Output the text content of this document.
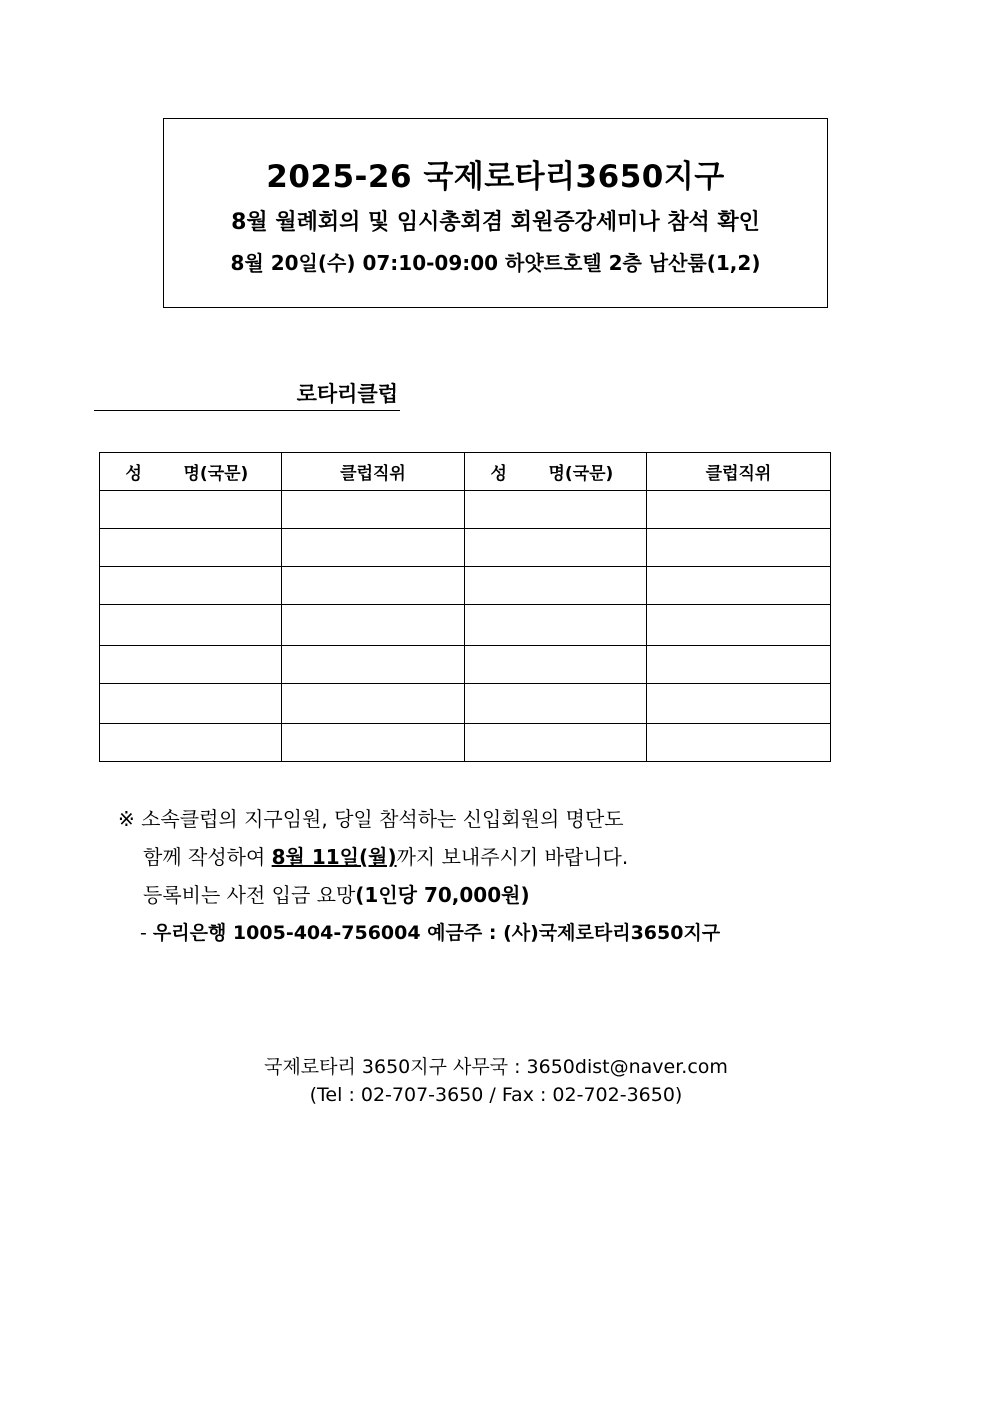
2025-26 국제로타리3650지구
8월 월례회의 및 임시총회겸 회원증강세미나 참석 확인
8월 20일(수) 07:10-09:00 하얏트호텔 2층 남산룸(1,2)
로타리클럽
성 명(국문)	클럽직위	성 명(국문)	클럽직위

※ 소속클럽의 지구임원, 당일 참석하는 신입회원의 명단도
함께 작성하여 8월 11일(월)까지 보내주시기 바랍니다.
등록비는 사전 입금 요망(1인당 70,000원)
- 우리은행 1005-404-756004 예금주 : (사)국제로타리3650지구
국제로타리 3650지구 사무국 : 3650dist@naver.com
(Tel : 02-707-3650 / Fax : 02-702-3650)
